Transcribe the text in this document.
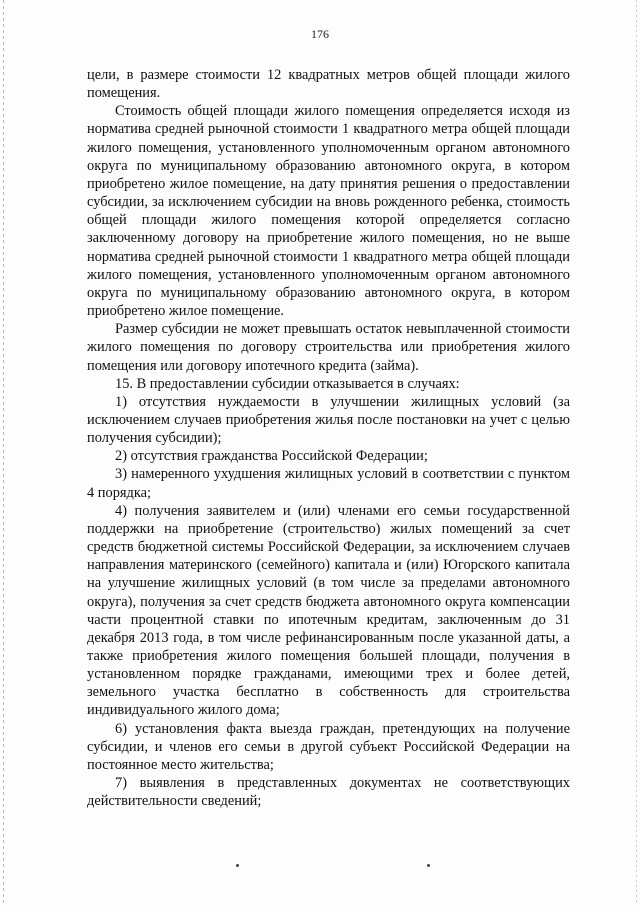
176

цели, в размере стоимости 12 квадратных метров общей площади жилого помещения.

Стоимость общей площади жилого помещения определяется исходя из норматива средней рыночной стоимости 1 квадратного метра общей площади жилого помещения, установленного уполномоченным органом автономного округа по муниципальному образованию автономного округа, в котором приобретено жилое помещение, на дату принятия решения о предоставлении субсидии, за исключением субсидии на вновь рожденного ребенка, стоимость общей площади жилого помещения которой определяется согласно заключенному договору на приобретение жилого помещения, но не выше норматива средней рыночной стоимости 1 квадратного метра общей площади жилого помещения, установленного уполномоченным органом автономного округа по муниципальному образованию автономного округа, в котором приобретено жилое помещение.

Размер субсидии не может превышать остаток невыплаченной стоимости жилого помещения по договору строительства или приобретения жилого помещения или договору ипотечного кредита (займа).

15. В предоставлении субсидии отказывается в случаях:

1) отсутствия нуждаемости в улучшении жилищных условий (за исключением случаев приобретения жилья после постановки на учет с целью получения субсидии);

2) отсутствия гражданства Российской Федерации;

3) намеренного ухудшения жилищных условий в соответствии с пунктом 4 порядка;

4) получения заявителем и (или) членами его семьи государственной поддержки на приобретение (строительство) жилых помещений за счет средств бюджетной системы Российской Федерации, за исключением случаев направления материнского (семейного) капитала и (или) Югорского капитала на улучшение жилищных условий (в том числе за пределами автономного округа), получения за счет средств бюджета автономного округа компенсации части процентной ставки по ипотечным кредитам, заключенным до 31 декабря 2013 года, в том числе рефинансированным после указанной даты, а также приобретения жилого помещения большей площади, получения в установленном порядке гражданами, имеющими трех и более детей, земельного участка бесплатно в собственность для строительства индивидуального жилого дома;

6) установления факта выезда граждан, претендующих на получение субсидии, и членов его семьи в другой субъект Российской Федерации на постоянное место жительства;

7) выявления в представленных документах не соответствующих действительности сведений;
